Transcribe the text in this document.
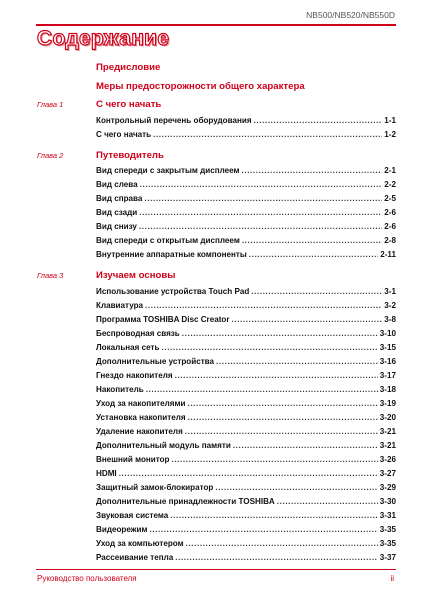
NB500/NB520/NB550D
Содержание
Предисловие
Меры предосторожности общего характера
Глава 1	С чего начать
Контрольный перечень оборудования .....	1-1
С чего начать .....	1-2
Глава 2	Путеводитель
Вид спереди с закрытым дисплеем .....	2-1
Вид слева .....	2-2
Вид справа .....	2-5
Вид сзади .....	2-6
Вид снизу .....	2-6
Вид спереди с открытым дисплеем .....	2-8
Внутренние аппаратные компоненты .....	2-11
Глава 3	Изучаем основы
Использование устройства Touch Pad .....	3-1
Клавиатура .....	3-2
Программа TOSHIBA Disc Creator .....	3-8
Беспроводная связь .....	3-10
Локальная сеть .....	3-15
Дополнительные устройства .....	3-16
Гнездо накопителя .....	3-17
Накопитель .....	3-18
Уход за накопителями .....	3-19
Установка накопителя .....	3-20
Удаление накопителя .....	3-21
Дополнительный модуль памяти .....	3-21
Внешний монитор .....	3-26
HDMI .....	3-27
Защитный замок-блокиратор .....	3-29
Дополнительные принадлежности TOSHIBA .....	3-30
Звуковая система .....	3-31
Видеорежим .....	3-35
Уход за компьютером .....	3-35
Рассеивание тепла .....	3-37
Руководство пользователя	ii
